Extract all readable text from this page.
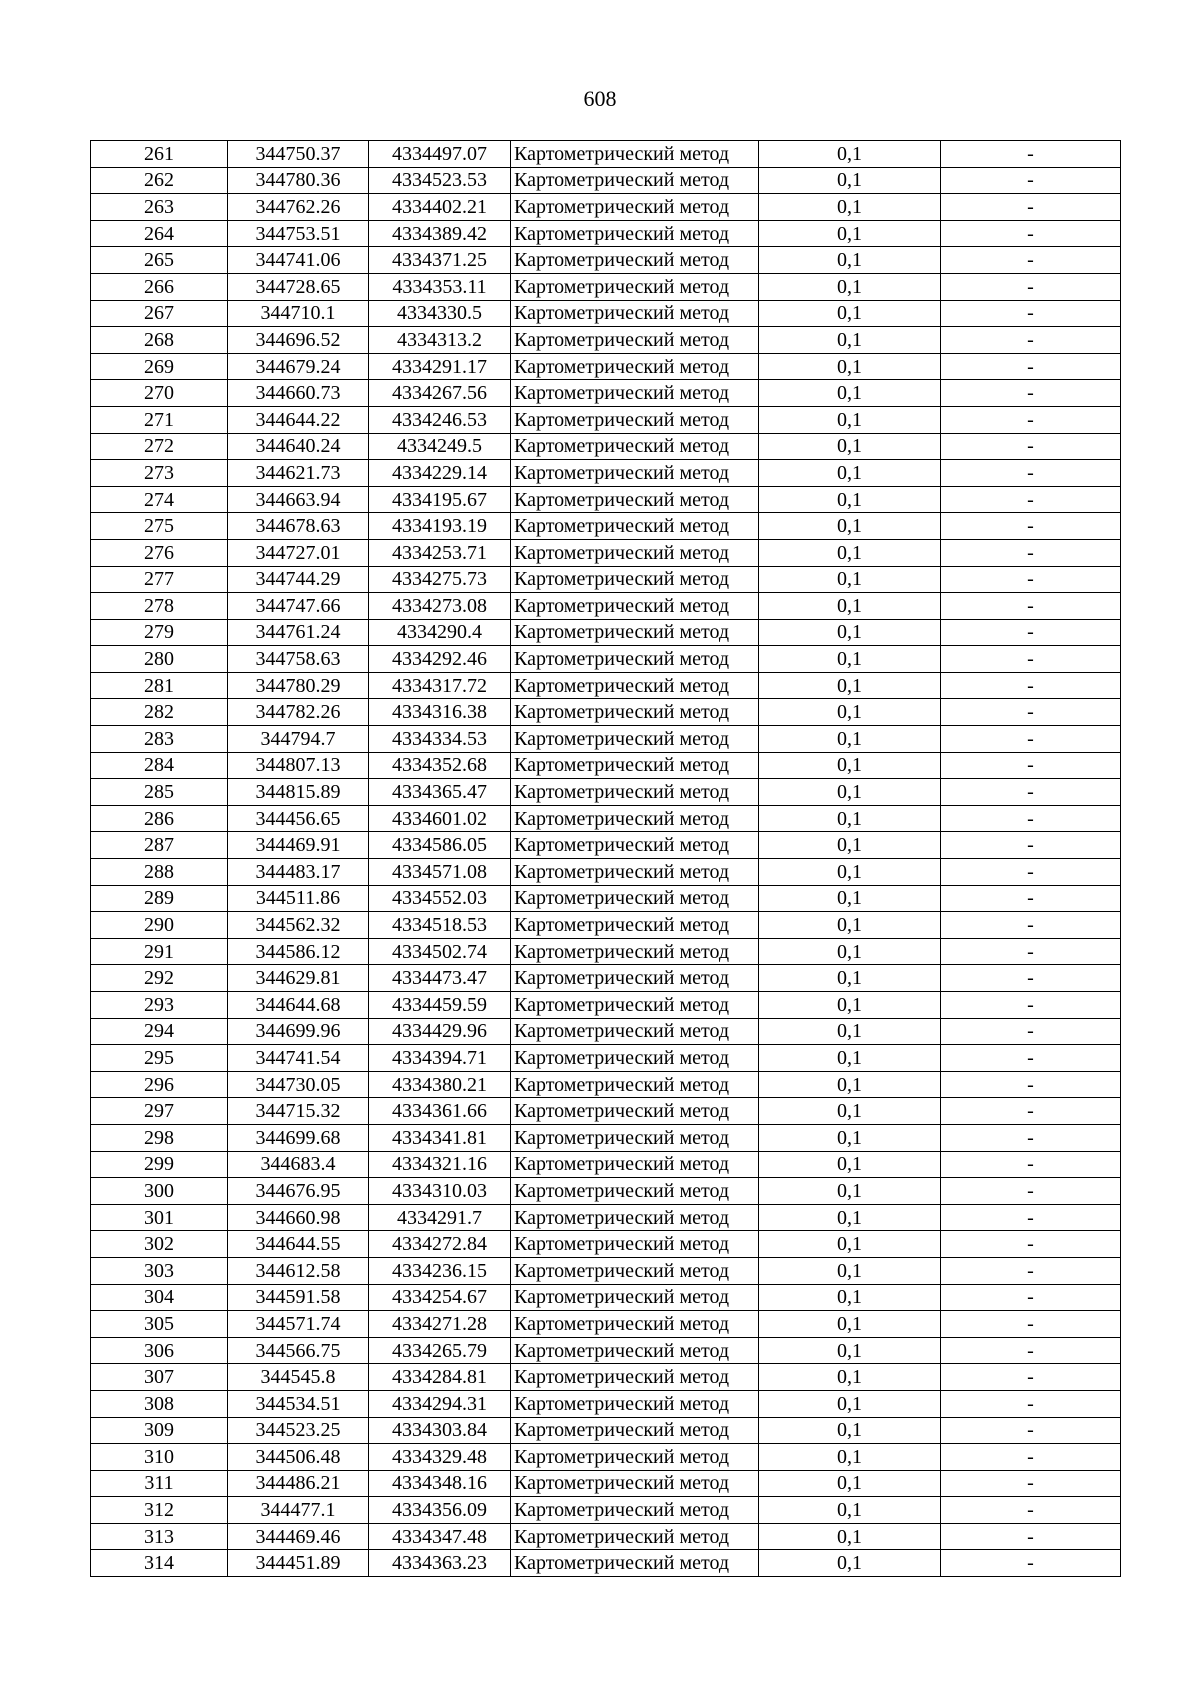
608
261	344750.37	4334497.07	Картометрический метод	0,1	-
262	344780.36	4334523.53	Картометрический метод	0,1	-
263	344762.26	4334402.21	Картометрический метод	0,1	-
264	344753.51	4334389.42	Картометрический метод	0,1	-
265	344741.06	4334371.25	Картометрический метод	0,1	-
266	344728.65	4334353.11	Картометрический метод	0,1	-
267	344710.1	4334330.5	Картометрический метод	0,1	-
268	344696.52	4334313.2	Картометрический метод	0,1	-
269	344679.24	4334291.17	Картометрический метод	0,1	-
270	344660.73	4334267.56	Картометрический метод	0,1	-
271	344644.22	4334246.53	Картометрический метод	0,1	-
272	344640.24	4334249.5	Картометрический метод	0,1	-
273	344621.73	4334229.14	Картометрический метод	0,1	-
274	344663.94	4334195.67	Картометрический метод	0,1	-
275	344678.63	4334193.19	Картометрический метод	0,1	-
276	344727.01	4334253.71	Картометрический метод	0,1	-
277	344744.29	4334275.73	Картометрический метод	0,1	-
278	344747.66	4334273.08	Картометрический метод	0,1	-
279	344761.24	4334290.4	Картометрический метод	0,1	-
280	344758.63	4334292.46	Картометрический метод	0,1	-
281	344780.29	4334317.72	Картометрический метод	0,1	-
282	344782.26	4334316.38	Картометрический метод	0,1	-
283	344794.7	4334334.53	Картометрический метод	0,1	-
284	344807.13	4334352.68	Картометрический метод	0,1	-
285	344815.89	4334365.47	Картометрический метод	0,1	-
286	344456.65	4334601.02	Картометрический метод	0,1	-
287	344469.91	4334586.05	Картометрический метод	0,1	-
288	344483.17	4334571.08	Картометрический метод	0,1	-
289	344511.86	4334552.03	Картометрический метод	0,1	-
290	344562.32	4334518.53	Картометрический метод	0,1	-
291	344586.12	4334502.74	Картометрический метод	0,1	-
292	344629.81	4334473.47	Картометрический метод	0,1	-
293	344644.68	4334459.59	Картометрический метод	0,1	-
294	344699.96	4334429.96	Картометрический метод	0,1	-
295	344741.54	4334394.71	Картометрический метод	0,1	-
296	344730.05	4334380.21	Картометрический метод	0,1	-
297	344715.32	4334361.66	Картометрический метод	0,1	-
298	344699.68	4334341.81	Картометрический метод	0,1	-
299	344683.4	4334321.16	Картометрический метод	0,1	-
300	344676.95	4334310.03	Картометрический метод	0,1	-
301	344660.98	4334291.7	Картометрический метод	0,1	-
302	344644.55	4334272.84	Картометрический метод	0,1	-
303	344612.58	4334236.15	Картометрический метод	0,1	-
304	344591.58	4334254.67	Картометрический метод	0,1	-
305	344571.74	4334271.28	Картометрический метод	0,1	-
306	344566.75	4334265.79	Картометрический метод	0,1	-
307	344545.8	4334284.81	Картометрический метод	0,1	-
308	344534.51	4334294.31	Картометрический метод	0,1	-
309	344523.25	4334303.84	Картометрический метод	0,1	-
310	344506.48	4334329.48	Картометрический метод	0,1	-
311	344486.21	4334348.16	Картометрический метод	0,1	-
312	344477.1	4334356.09	Картометрический метод	0,1	-
313	344469.46	4334347.48	Картометрический метод	0,1	-
314	344451.89	4334363.23	Картометрический метод	0,1	-
